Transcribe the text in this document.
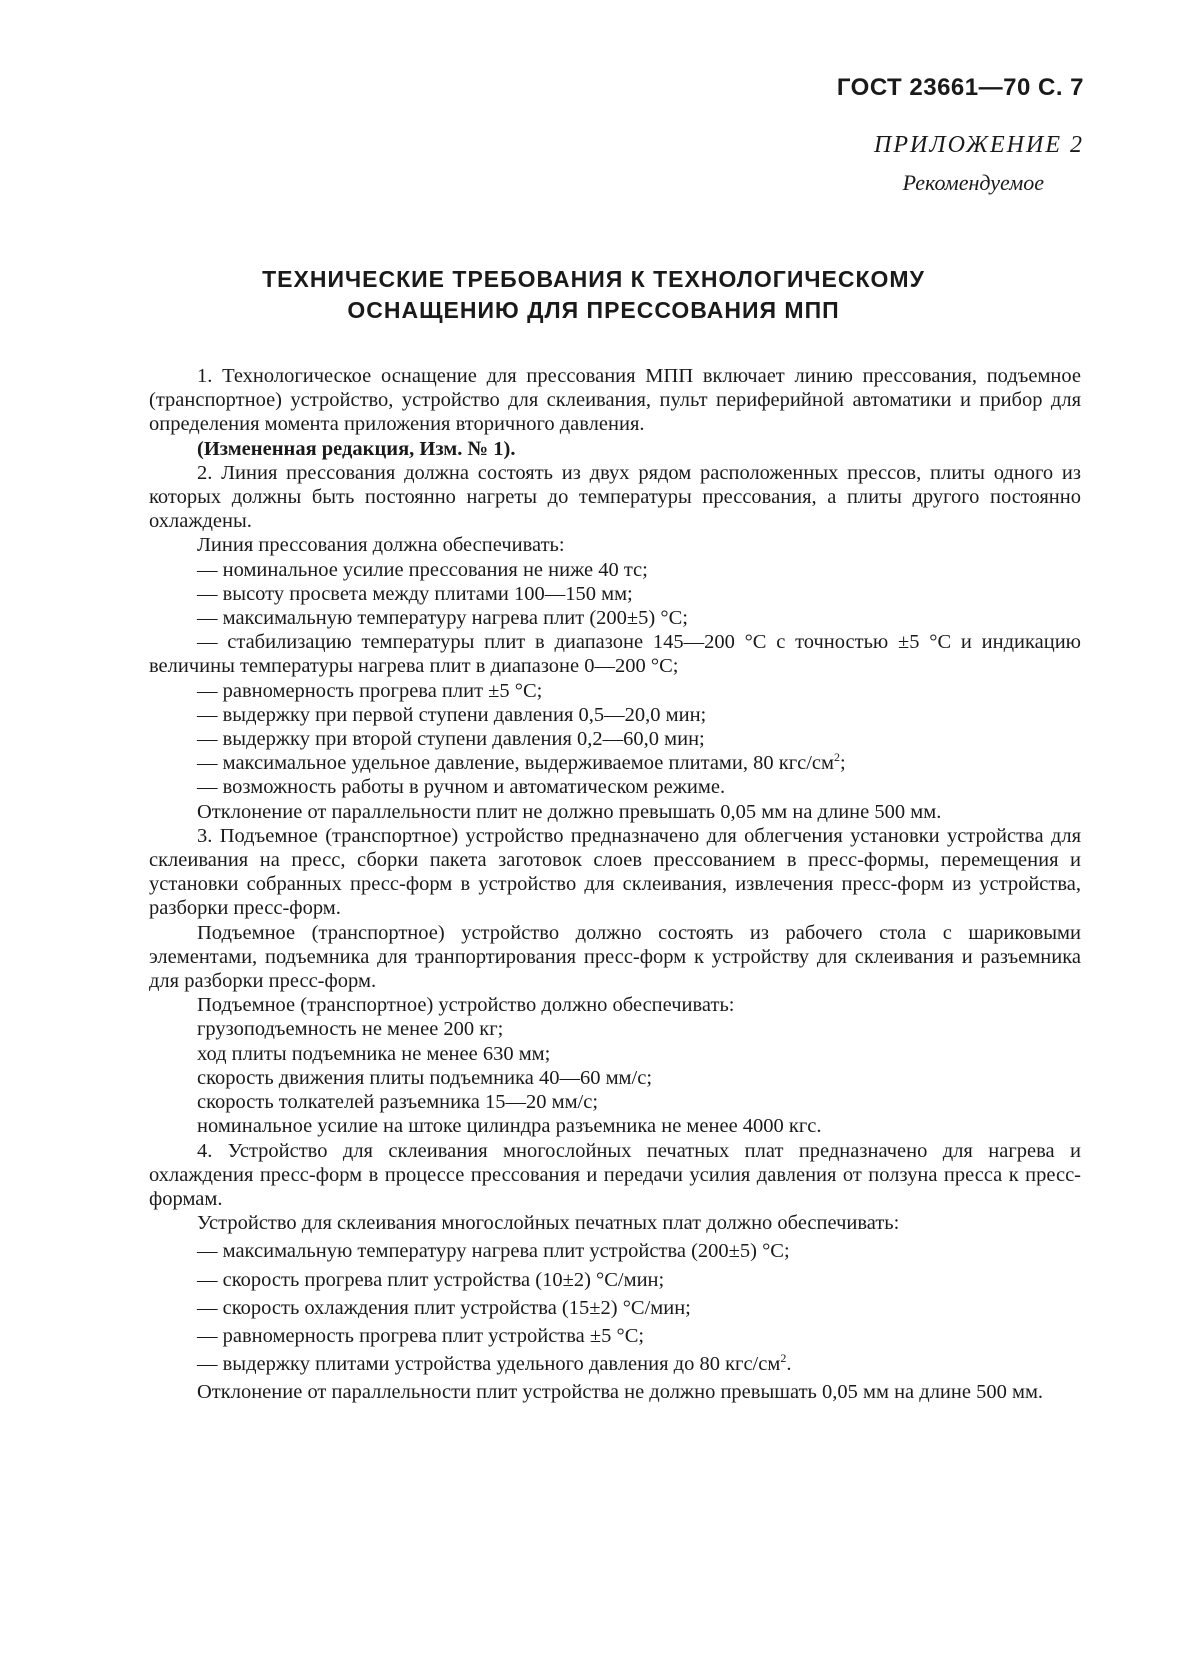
ГОСТ 23661—70 С. 7
ПРИЛОЖЕНИЕ 2
Рекомендуемое
ТЕХНИЧЕСКИЕ ТРЕБОВАНИЯ К ТЕХНОЛОГИЧЕСКОМУ
ОСНАЩЕНИЮ ДЛЯ ПРЕССОВАНИЯ МПП

1. Технологическое оснащение для прессования МПП включает линию прессования, подъемное (транспортное) устройство, устройство для склеивания, пульт периферийной автоматики и прибор для определения момента приложения вторичного давления.

(Измененная редакция, Изм. № 1).

2. Линия прессования должна состоять из двух рядом расположенных прессов, плиты одного из которых должны быть постоянно нагреты до температуры прессования, а плиты другого постоянно охлаждены.

Линия прессования должна обеспечивать:

— номинальное усилие прессования не ниже 40 тс;

— высоту просвета между плитами 100—150 мм;

— максимальную температуру нагрева плит (200±5) °С;

— стабилизацию температуры плит в диапазоне 145—200 °С с точностью ±5 °С и индикацию величины температуры нагрева плит в диапазоне 0—200 °С;

— равномерность прогрева плит ±5 °С;

— выдержку при первой ступени давления 0,5—20,0 мин;

— выдержку при второй ступени давления 0,2—60,0 мин;

— максимальное удельное давление, выдерживаемое плитами, 80 кгс/$см^2$;

— возможность работы в ручном и автоматическом режиме.

Отклонение от параллельности плит не должно превышать 0,05 мм на длине 500 мм.

3. Подъемное (транспортное) устройство предназначено для облегчения установки устройства для склеивания на пресс, сборки пакета заготовок слоев прессованием в пресс-формы, перемещения и установки собранных пресс-форм в устройство для склеивания, извлечения пресс-форм из устройства, разборки пресс-форм.

Подъемное (транспортное) устройство должно состоять из рабочего стола с шариковыми элементами, подъемника для транпортирования пресс-форм к устройству для склеивания и разъемника для разборки пресс-форм.

Подъемное (транспортное) устройство должно обеспечивать:

грузоподъемность не менее 200 кг;

ход плиты подъемника не менее 630 мм;

скорость движения плиты подъемника 40—60 мм/с;

скорость толкателей разъемника 15—20 мм/с;

номинальное усилие на штоке цилиндра разъемника не менее 4000 кгс.

4. Устройство для склеивания многослойных печатных плат предназначено для нагрева и охлаждения пресс-форм в процессе прессования и передачи усилия давления от ползуна пресса к пресс-формам.

Устройство для склеивания многослойных печатных плат должно обеспечивать:

— максимальную температуру нагрева плит устройства (200±5) °С;

— скорость прогрева плит устройства (10±2) °С/мин;

— скорость охлаждения плит устройства (15±2) °С/мин;

— равномерность прогрева плит устройства ±5 °С;

— выдержку плитами устройства удельного давления до 80 кгс/$см^2$.

Отклонение от параллельности плит устройства не должно превышать 0,05 мм на длине 500 мм.
